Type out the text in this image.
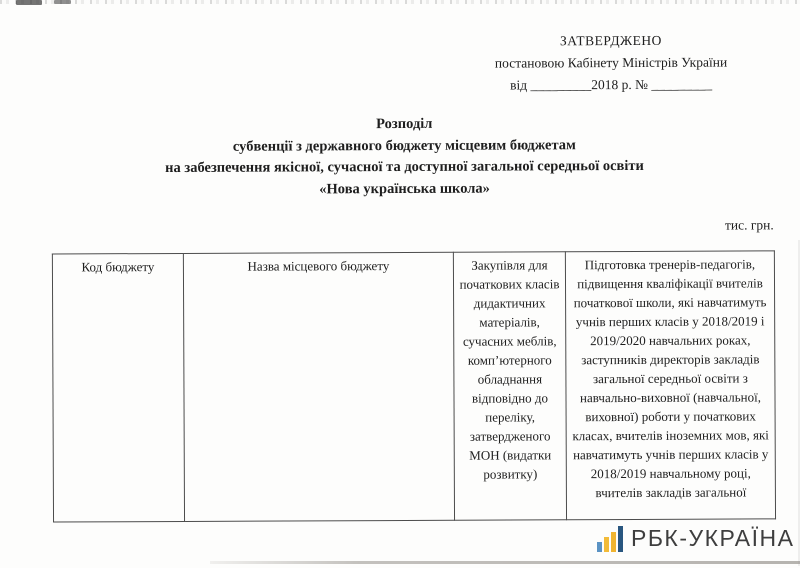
ЗАТВЕРДЖЕНО
постановою Кабінету Міністрів України
від _________2018 р. № _________
Розподіл
субвенції з державного бюджету місцевим бюджетам
на забезпечення якісної, сучасної та доступної загальної середньої освіти
«Нова українська школа»
тис. грн.
Код бюджету	Назва місцевого бюджету	Закупівля для початкових класів дидактичних матеріалів, сучасних меблів, комп’ютерного обладнання відповідно до переліку, затвердженого МОН (видатки розвитку)	Підготовка тренерів-педагогів, підвищення кваліфікації вчителів початкової школи, які навчатимуть учнів перших класів у 2018/2019 і 2019/2020 навчальних роках, заступників директорів закладів загальної середньої освіти з навчально-виховної (навчальної, виховної) роботи у початкових класах, вчителів іноземних мов, які навчатимуть учнів перших класів у 2018/2019 навчальному році, вчителів закладів загальної
РБК-УКРАЇНА
